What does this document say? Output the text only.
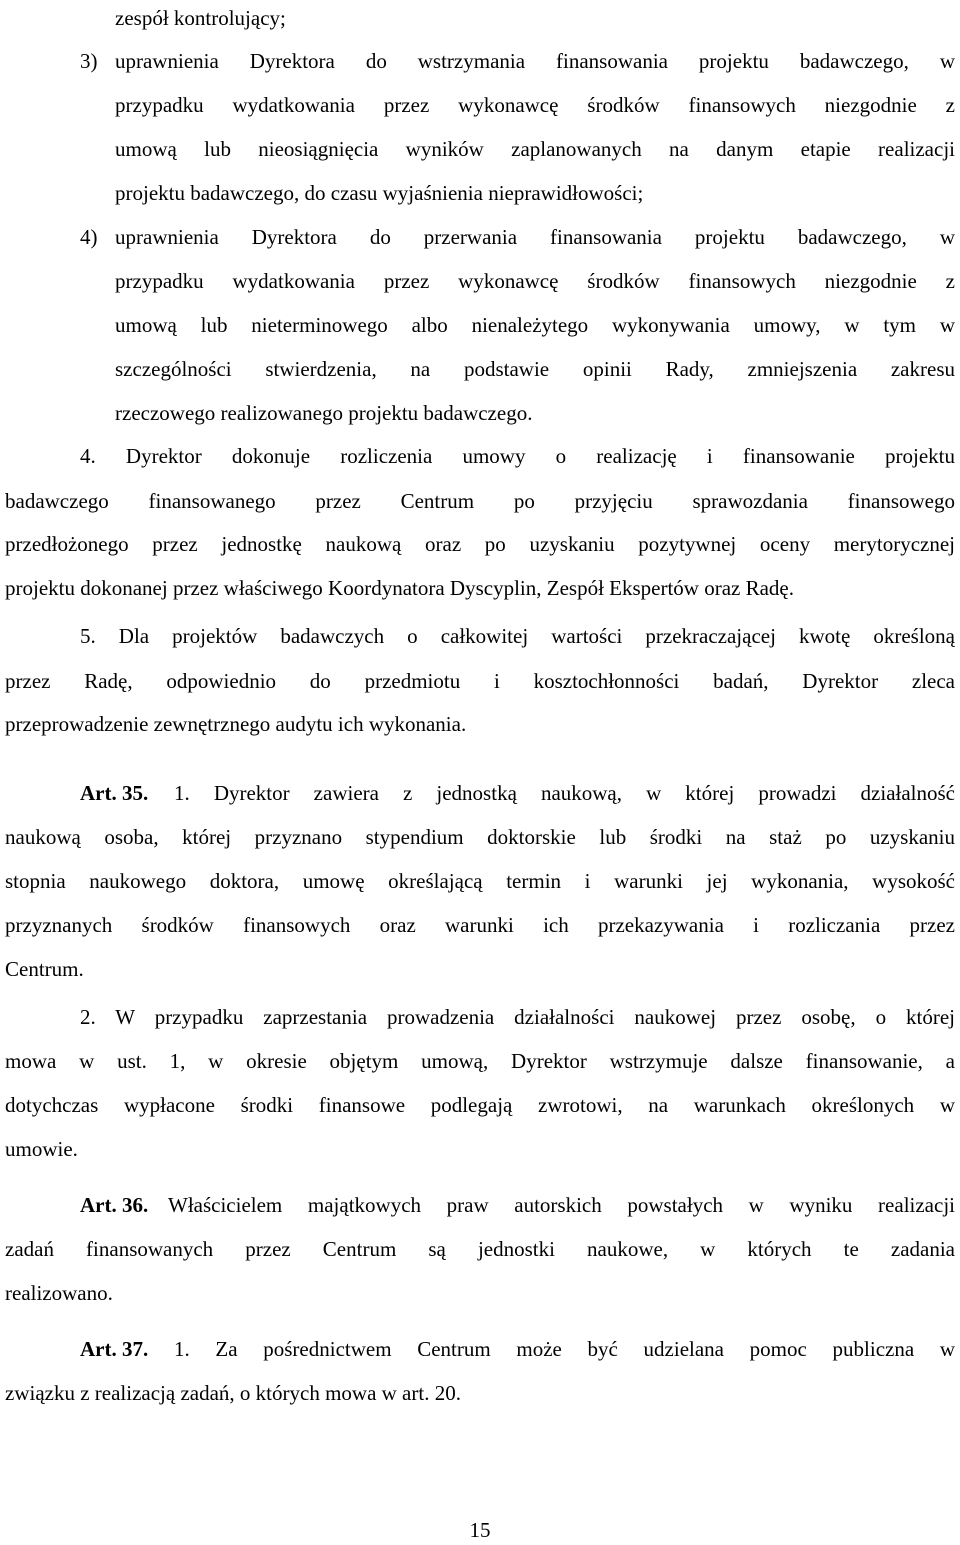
zespół kontrolujący;

3) uprawnienia Dyrektora do wstrzymania finansowania projektu badawczego, w

przypadku wydatkowania przez wykonawcę środków finansowych niezgodnie z

umową lub nieosiągnięcia wyników zaplanowanych na danym etapie realizacji

projektu badawczego, do czasu wyjaśnienia nieprawidłowości;

4) uprawnienia Dyrektora do przerwania finansowania projektu badawczego, w

przypadku wydatkowania przez wykonawcę środków finansowych niezgodnie z

umową lub nieterminowego albo nienależytego wykonywania umowy, w tym w

szczególności stwierdzenia, na podstawie opinii Rady, zmniejszenia zakresu

rzeczowego realizowanego projektu badawczego.

4. Dyrektor dokonuje rozliczenia umowy o realizację i finansowanie projektu

badawczego finansowanego przez Centrum po przyjęciu sprawozdania finansowego

przedłożonego przez jednostkę naukową oraz po uzyskaniu pozytywnej oceny merytorycznej

projektu dokonanej przez właściwego Koordynatora Dyscyplin, Zespół Ekspertów oraz Radę.

5. Dla projektów badawczych o całkowitej wartości przekraczającej kwotę określoną

przez Radę, odpowiednio do przedmiotu i kosztochłonności badań, Dyrektor zleca

przeprowadzenie zewnętrznego audytu ich wykonania.

Art. 35. 1. Dyrektor zawiera z jednostką naukową, w której prowadzi działalność

naukową osoba, której przyznano stypendium doktorskie lub środki na staż po uzyskaniu

stopnia naukowego doktora, umowę określającą termin i warunki jej wykonania, wysokość

przyznanych środków finansowych oraz warunki ich przekazywania i rozliczania przez

Centrum.

2. W przypadku zaprzestania prowadzenia działalności naukowej przez osobę, o której

mowa w ust. 1, w okresie objętym umową, Dyrektor wstrzymuje dalsze finansowanie, a

dotychczas wypłacone środki finansowe podlegają zwrotowi, na warunkach określonych w

umowie.

Art. 36. Właścicielem majątkowych praw autorskich powstałych w wyniku realizacji

zadań finansowanych przez Centrum są jednostki naukowe, w których te zadania

realizowano.

Art. 37. 1. Za pośrednictwem Centrum może być udzielana pomoc publiczna w

związku z realizacją zadań, o których mowa w art. 20.

15
